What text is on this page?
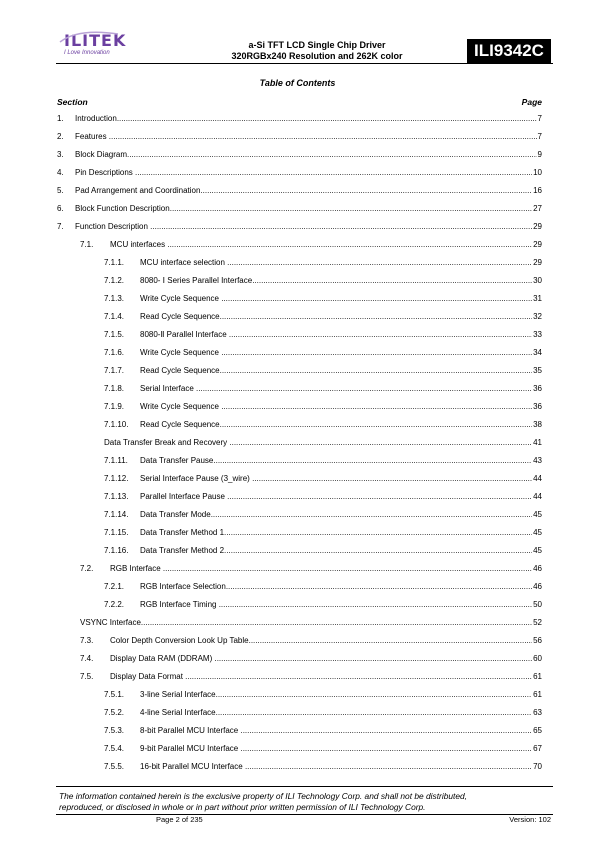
ILITEK
I Love Innovation
a-Si TFT LCD Single Chip Driver
320RGBx240 Resolution and 262K color	ILI9342C
Table of Contents
Section	Page
1.	Introduction .....	7
2.	Features .....	7
3.	Block Diagram .....	9
4.	Pin Descriptions .....	10
5.	Pad Arrangement and Coordination .....	16
6.	Block Function Description .....	27
7.	Function Description .....	29
7.1.	MCU interfaces .....	29
7.1.1.	MCU interface selection .....	29
7.1.2.	8080- Ⅰ Series Parallel Interface .....	30
7.1.3.	Write Cycle Sequence .....	31
7.1.4.	Read Cycle Sequence .....	32
7.1.5.	8080-Ⅱ Parallel Interface .....	33
7.1.6.	Write Cycle Sequence .....	34
7.1.7.	Read Cycle Sequence .....	35
7.1.8.	Serial Interface .....	36
7.1.9.	Write Cycle Sequence .....	36
7.1.10.	Read Cycle Sequence .....	38
Data Transfer Break and Recovery .....	41
7.1.11.	Data Transfer Pause .....	43
7.1.12.	Serial Interface Pause (3_wire) .....	44
7.1.13.	Parallel Interface Pause .....	44
7.1.14.	Data Transfer Mode .....	45
7.1.15.	Data Transfer Method 1 .....	45
7.1.16.	Data Transfer Method 2 .....	45
7.2.	RGB Interface .....	46
7.2.1.	RGB Interface Selection .....	46
7.2.2.	RGB Interface Timing .....	50
VSYNC Interface .....	52
7.3.	Color Depth Conversion Look Up Table .....	56
7.4.	Display Data RAM (DDRAM) .....	60
7.5.	Display Data Format .....	61
7.5.1.	3-line Serial Interface .....	61
7.5.2.	4-line Serial Interface .....	63
7.5.3.	8-bit Parallel MCU Interface .....	65
7.5.4.	9-bit Parallel MCU Interface .....	67
7.5.5.	16-bit Parallel MCU Interface .....	70
The information contained herein is the exclusive property of ILI Technology Corp. and shall not be distributed,
reproduced, or disclosed in whole or in part without prior written permission of ILI Technology Corp.
Page 2 of 235	Version: 102
